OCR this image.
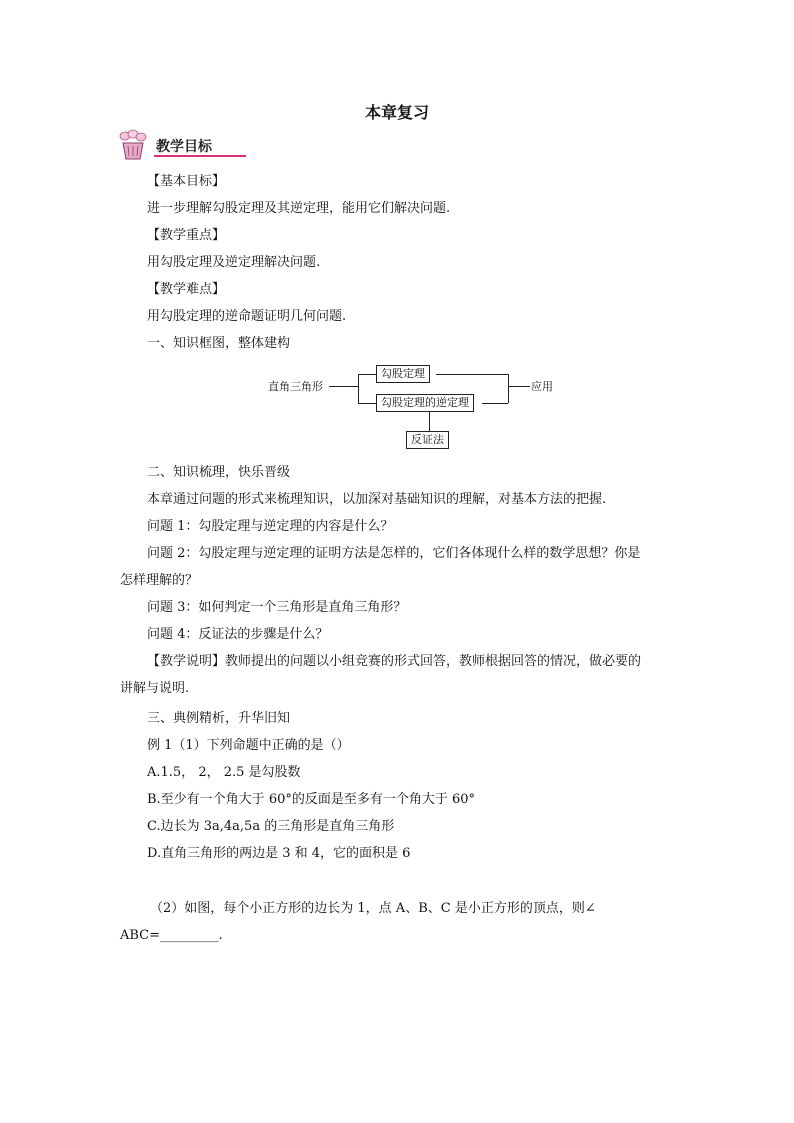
本章复习
教学目标
【基本目标】
进一步理解勾股定理及其逆定理，能用它们解决问题.
【教学重点】
用勾股定理及逆定理解决问题.
【教学难点】
用勾股定理的逆命题证明几何问题.
一、知识框图，整体建构
直角三角形
勾股定理
勾股定理的逆定理
应用
反证法
二、知识梳理，快乐晋级
本章通过问题的形式来梳理知识，以加深对基础知识的理解，对基本方法的把握.
问题 1：勾股定理与逆定理的内容是什么？
问题 2：勾股定理与逆定理的证明方法是怎样的，它们各体现什么样的数学思想？你是
怎样理解的？
问题 3：如何判定一个三角形是直角三角形？
问题 4：反证法的步骤是什么？
【教学说明】教师提出的问题以小组竞赛的形式回答，教师根据回答的情况，做必要的
讲解与说明.
三、典例精析，升华旧知
例 1（1）下列命题中正确的是（）
A.1.5， 2， 2.5 是勾股数
B.至少有一个角大于 60°的反面是至多有一个角大于 60°
C.边长为 3a,4a,5a 的三角形是直角三角形
D.直角三角形的两边是 3 和 4，它的面积是 6
（2）如图，每个小正方形的边长为 1，点 A、B、C 是小正方形的顶点，则∠
ABC=_________.
